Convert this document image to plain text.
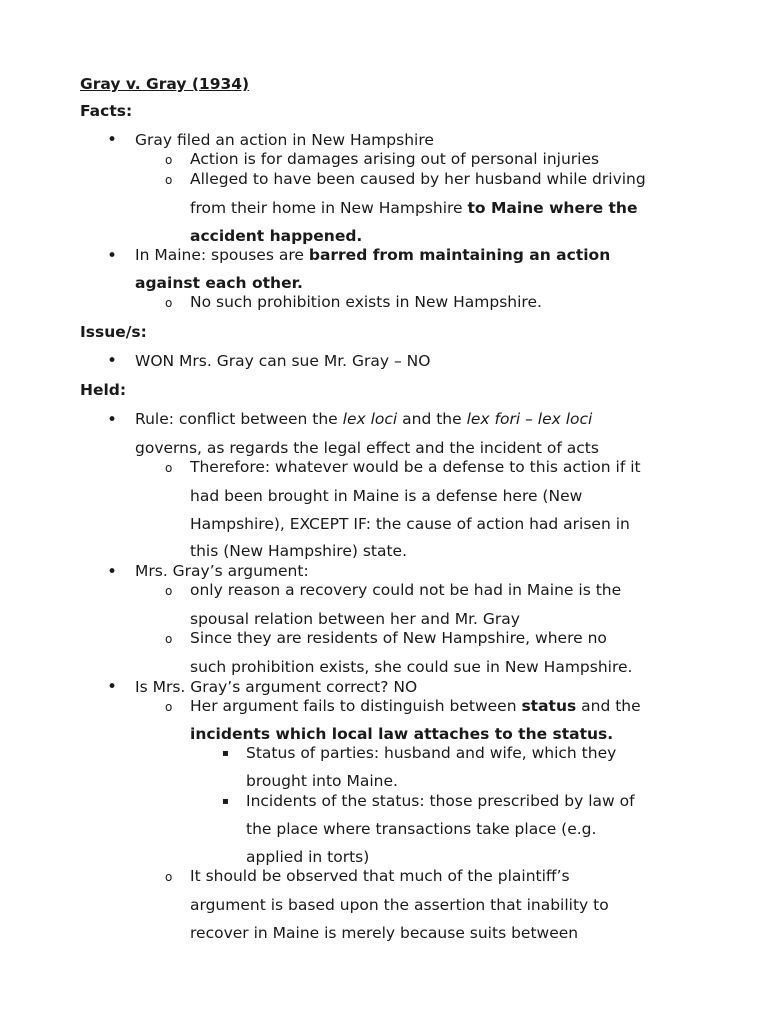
Gray v. Gray (1934)
Facts:
• Gray filed an action in New Hampshire
o Action is for damages arising out of personal injuries
o Alleged to have been caused by her husband while driving
from their home in New Hampshire to Maine where the
accident happened.
• In Maine: spouses are barred from maintaining an action
against each other.
o No such prohibition exists in New Hampshire.
Issue/s:
• WON Mrs. Gray can sue Mr. Gray – NO
Held:
• Rule: conflict between the lex loci and the lex fori – lex loci
governs, as regards the legal effect and the incident of acts
o Therefore: whatever would be a defense to this action if it
had been brought in Maine is a defense here (New
Hampshire), EXCEPT IF: the cause of action had arisen in
this (New Hampshire) state.
• Mrs. Gray’s argument:
o only reason a recovery could not be had in Maine is the
spousal relation between her and Mr. Gray
o Since they are residents of New Hampshire, where no
such prohibition exists, she could sue in New Hampshire.
• Is Mrs. Gray’s argument correct? NO
o Her argument fails to distinguish between status and the
incidents which local law attaches to the status.
▪ Status of parties: husband and wife, which they
brought into Maine.
▪ Incidents of the status: those prescribed by law of
the place where transactions take place (e.g.
applied in torts)
o It should be observed that much of the plaintiff’s
argument is based upon the assertion that inability to
recover in Maine is merely because suits between
